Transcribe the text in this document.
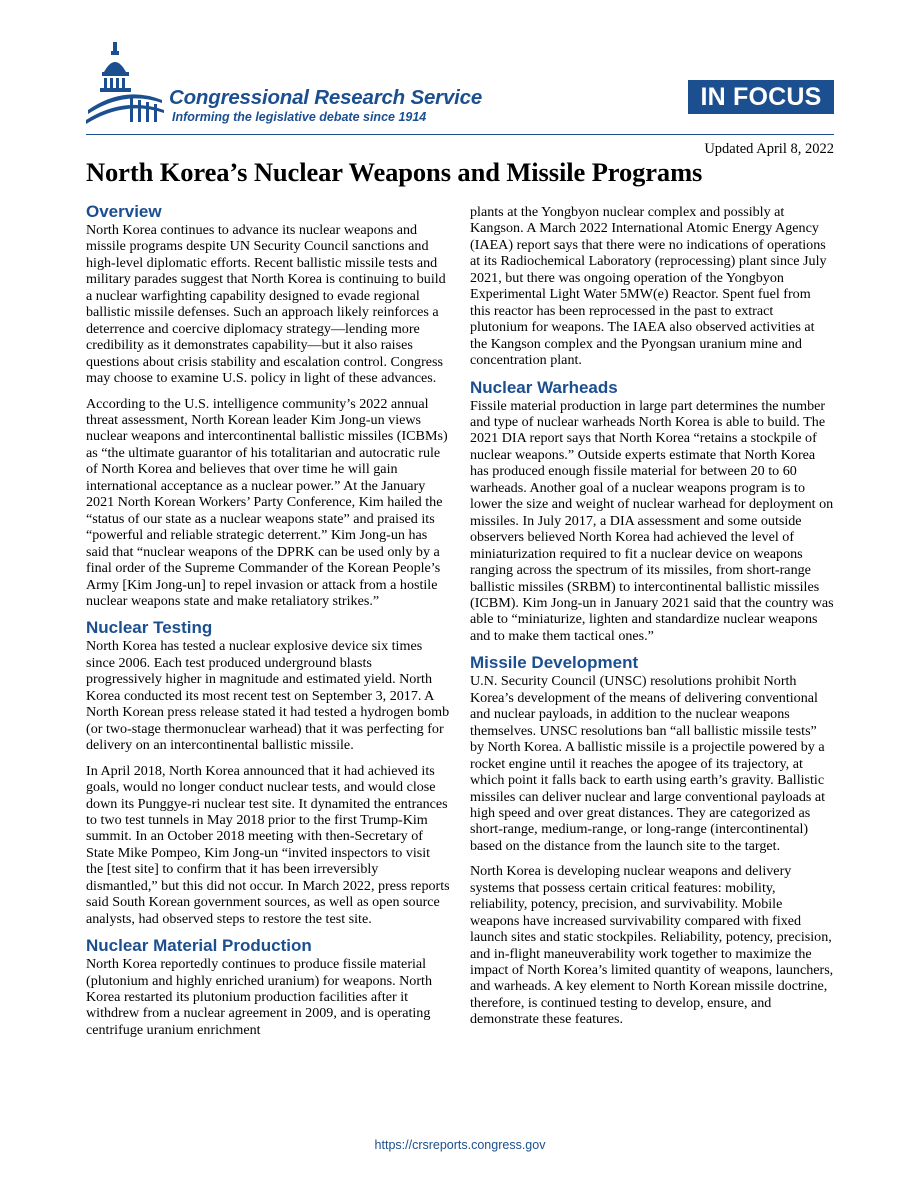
Congressional Research Service
Informing the legislative debate since 1914
IN FOCUS
Updated April 8, 2022
North Korea’s Nuclear Weapons and Missile Programs
Overview

North Korea continues to advance its nuclear weapons and missile programs despite UN Security Council sanctions and high-level diplomatic efforts. Recent ballistic missile tests and military parades suggest that North Korea is continuing to build a nuclear warfighting capability designed to evade regional ballistic missile defenses. Such an approach likely reinforces a deterrence and coercive diplomacy strategy—lending more credibility as it demonstrates capability—but it also raises questions about crisis stability and escalation control. Congress may choose to examine U.S. policy in light of these advances.

According to the U.S. intelligence community’s 2022 annual threat assessment, North Korean leader Kim Jong-un views nuclear weapons and intercontinental ballistic missiles (ICBMs) as “the ultimate guarantor of his totalitarian and autocratic rule of North Korea and believes that over time he will gain international acceptance as a nuclear power.” At the January 2021 North Korean Workers’ Party Conference, Kim hailed the “status of our state as a nuclear weapons state” and praised its “powerful and reliable strategic deterrent.” Kim Jong-un has said that “nuclear weapons of the DPRK can be used only by a final order of the Supreme Commander of the Korean People’s Army [Kim Jong-un] to repel invasion or attack from a hostile nuclear weapons state and make retaliatory strikes.”

Nuclear Testing

North Korea has tested a nuclear explosive device six times since 2006. Each test produced underground blasts progressively higher in magnitude and estimated yield. North Korea conducted its most recent test on September 3, 2017. A North Korean press release stated it had tested a hydrogen bomb (or two-stage thermonuclear warhead) that it was perfecting for delivery on an intercontinental ballistic missile.

In April 2018, North Korea announced that it had achieved its goals, would no longer conduct nuclear tests, and would close down its Punggye-ri nuclear test site. It dynamited the entrances to two test tunnels in May 2018 prior to the first Trump-Kim summit. In an October 2018 meeting with then-Secretary of State Mike Pompeo, Kim Jong-un “invited inspectors to visit the [test site] to confirm that it has been irreversibly dismantled,” but this did not occur. In March 2022, press reports said South Korean government sources, as well as open source analysts, had observed steps to restore the test site.

Nuclear Material Production

North Korea reportedly continues to produce fissile material (plutonium and highly enriched uranium) for weapons. North Korea restarted its plutonium production facilities after it withdrew from a nuclear agreement in 2009, and is operating centrifuge uranium enrichment

plants at the Yongbyon nuclear complex and possibly at Kangson. A March 2022 International Atomic Energy Agency (IAEA) report says that there were no indications of operations at its Radiochemical Laboratory (reprocessing) plant since July 2021, but there was ongoing operation of the Yongbyon Experimental Light Water 5MW(e) Reactor. Spent fuel from this reactor has been reprocessed in the past to extract plutonium for weapons. The IAEA also observed activities at the Kangson complex and the Pyongsan uranium mine and concentration plant.

Nuclear Warheads

Fissile material production in large part determines the number and type of nuclear warheads North Korea is able to build. The 2021 DIA report says that North Korea “retains a stockpile of nuclear weapons.” Outside experts estimate that North Korea has produced enough fissile material for between 20 to 60 warheads. Another goal of a nuclear weapons program is to lower the size and weight of nuclear warhead for deployment on missiles. In July 2017, a DIA assessment and some outside observers believed North Korea had achieved the level of miniaturization required to fit a nuclear device on weapons ranging across the spectrum of its missiles, from short-range ballistic missiles (SRBM) to intercontinental ballistic missiles (ICBM). Kim Jong-un in January 2021 said that the country was able to “miniaturize, lighten and standardize nuclear weapons and to make them tactical ones.”

Missile Development

U.N. Security Council (UNSC) resolutions prohibit North Korea’s development of the means of delivering conventional and nuclear payloads, in addition to the nuclear weapons themselves. UNSC resolutions ban “all ballistic missile tests” by North Korea. A ballistic missile is a projectile powered by a rocket engine until it reaches the apogee of its trajectory, at which point it falls back to earth using earth’s gravity. Ballistic missiles can deliver nuclear and large conventional payloads at high speed and over great distances. They are categorized as short-range, medium-range, or long-range (intercontinental) based on the distance from the launch site to the target.

North Korea is developing nuclear weapons and delivery systems that possess certain critical features: mobility, reliability, potency, precision, and survivability. Mobile weapons have increased survivability compared with fixed launch sites and static stockpiles. Reliability, potency, precision, and in-flight maneuverability work together to maximize the impact of North Korea’s limited quantity of weapons, launchers, and warheads. A key element to North Korean missile doctrine, therefore, is continued testing to develop, ensure, and demonstrate these features.

https://crsreports.congress.gov
